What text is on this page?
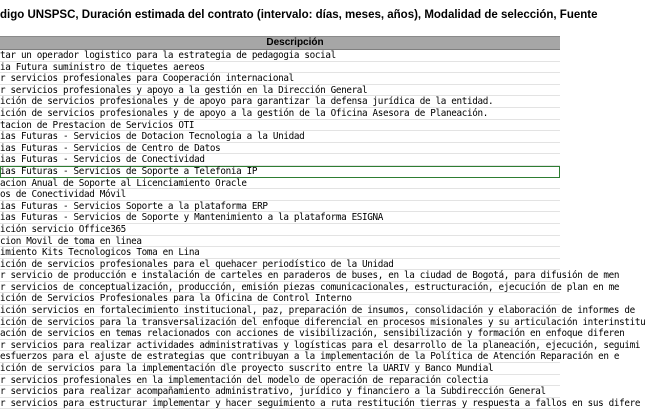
digo UNSPSC, Duración estimada del contrato (intervalo: días, meses, años), Modalidad de selección, Fuente
Descripción
tar un operador logistico para la estrategia de pedagogia social
ia Futura suministro de tiquetes aereos
r servicios profesionales para Cooperación internacional
r servicios profesionales y apoyo a la gestión en la Dirección General
ición de servicios profesionales y de apoyo para garantizar la defensa jurídica de la entidad.
ición de servicios profesionales y de apoyo a la gestión de la Oficina Asesora de Planeación.
tacion de Prestacion de Servicios OTI
ias Futuras - Servicios de Dotacion Tecnologia a la Unidad
ias Futuras - Servicios de Centro de Datos
ias Futuras - Servicios de Conectividad
ias Futuras - Servicios de Soporte a Telefonia IP
acion Anual de Soporte al Licenciamiento Oracle
os de Conectividad Móvil
ias Futuras - Servicios Soporte a la plataforma ERP
ias Futuras - Servicios de Soporte y Mantenimiento a la plataforma ESIGNA
ición servicio Office365
cion Movil de toma en linea
imiento Kits Tecnologicos Toma en Lina
ición de servicios profesionales para el quehacer periodístico de la Unidad
r servicio de producción e instalación de carteles en paraderos de buses, en la ciudad de Bogotá, para difusión de men
r servicios de conceptualización, producción, emisión piezas comunicacionales, estructuración, ejecución de plan en me
ición de Servicios Profesionales para la Oficina de Control Interno
ición servicios en fortalecimiento institucional, paz, preparación de insumos, consolidación y elaboración de informes de
ición de servicios para la transversalización del enfoque diferencial en procesos misionales y su articulación interinstitu
ación de servicios en temas relacionados con acciones de visibilización, sensibilización y formación en enfoque diferen
r servicios para realizar actividades administrativas y logísticas para el desarrollo de la planeación, ejecución, seguimi
esfuerzos para el ajuste de estrategias que contribuyan a la implementación de la Política de Atención Reparación en e
ición de servicios para la implementación dle proyecto suscrito entre la UARIV y Banco Mundial
r servicios profesionales en la implementación del modelo de operación de reparación colectia
r servicios para realizar acompañamiento administrativo, jurídico y financiero a la Subdirección General
r servicios para estructurar implementar y hacer seguimiento a ruta restitución tierras y respuesta a fallos en sus difere
